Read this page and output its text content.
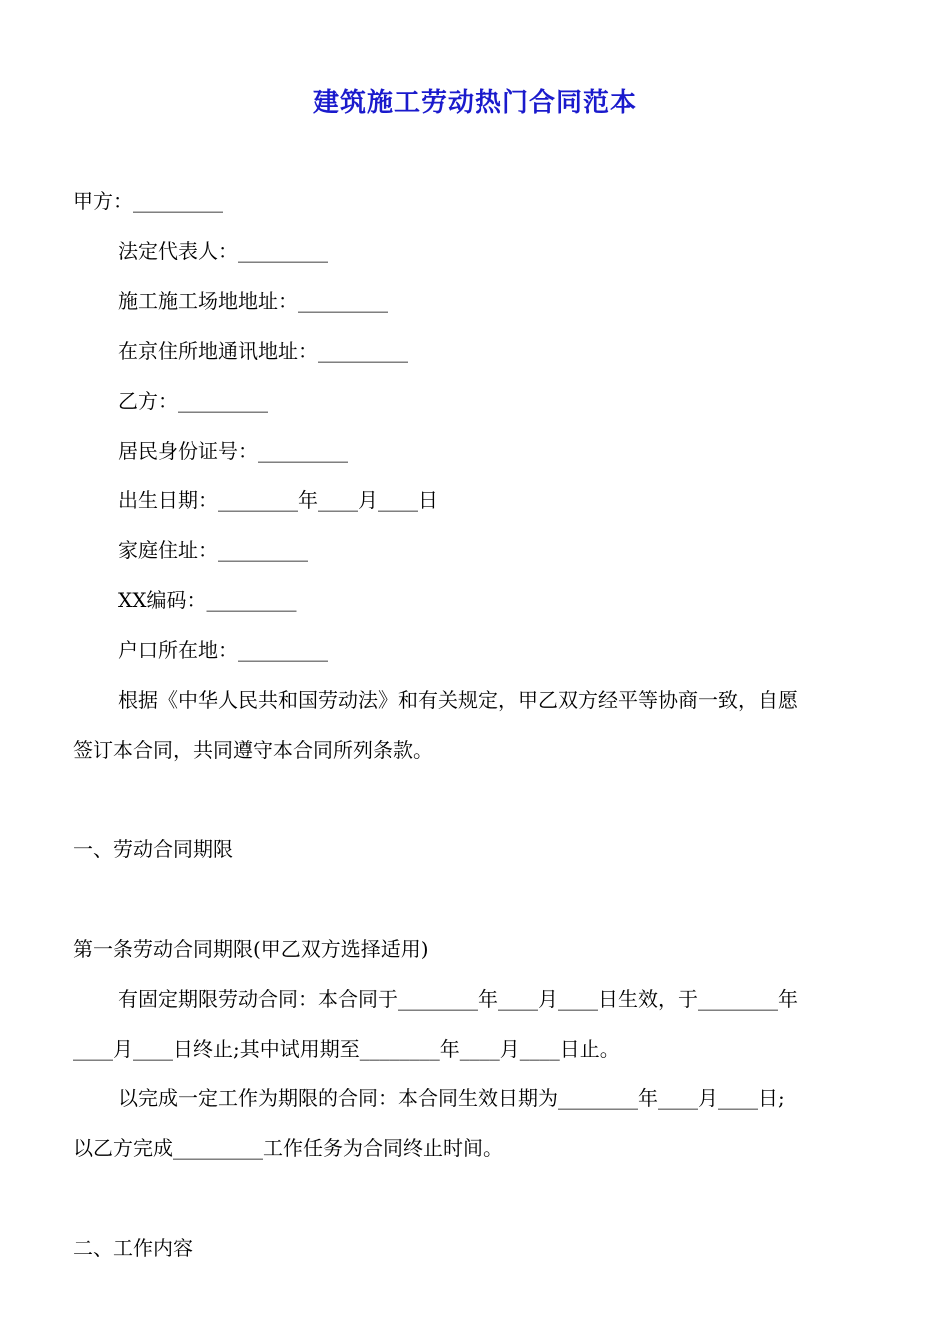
建筑施工劳动热门合同范本
甲方：_________
法定代表人：_________
施工施工场地地址：_________
在京住所地通讯地址：_________
乙方：_________
居民身份证号：_________
出生日期：________年____月____日
家庭住址：_________
XX编码：_________
户口所在地：_________
根据《中华人民共和国劳动法》和有关规定，甲乙双方经平等协商一致，自愿
签订本合同，共同遵守本合同所列条款。
一、劳动合同期限
第一条劳动合同期限(甲乙双方选择适用)
有固定期限劳动合同：本合同于________年____月____日生效，于________年
____月____日终止;其中试用期至________年____月____日止。
以完成一定工作为期限的合同：本合同生效日期为________年____月____日;
以乙方完成_________工作任务为合同终止时间。
二、工作内容
